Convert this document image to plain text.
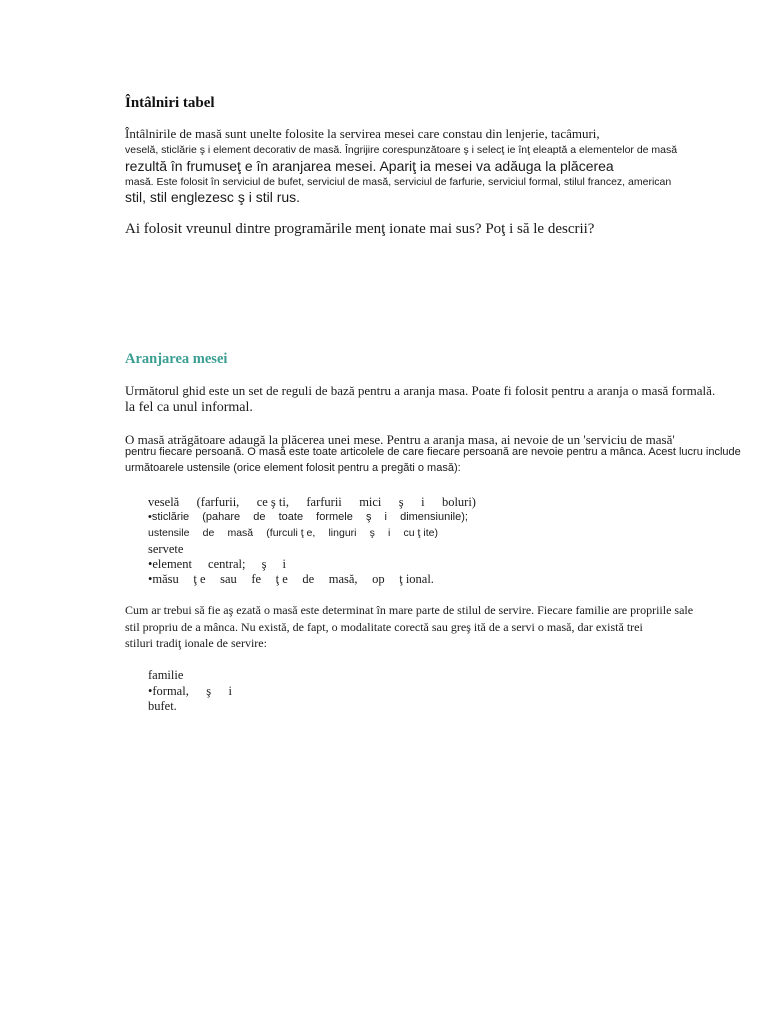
Întâlniri tabel
Întâlnirile de masă sunt unelte folosite la servirea mesei care constau din lenjerie, tacâmuri,
veselă, sticlărie ş i element decorativ de masă. Îngrijire corespunzătoare ş i selecţ ie înţ eleaptă a elementelor de masă
rezultă în frumuseţ e în aranjarea mesei. Apariţ ia mesei va adăuga la plăcerea
masă. Este folosit în serviciul de bufet, serviciul de masă, serviciul de farfurie, serviciul formal, stilul francez, american
stil, stil englezesc ş i stil rus.
Ai folosit vreunul dintre programările menţ ionate mai sus? Poţ i să le descrii?
Aranjarea mesei
Următorul ghid este un set de reguli de bază pentru a aranja masa. Poate fi folosit pentru a aranja o masă formală.
la fel ca unul informal.
O masă atrăgătoare adaugă la plăcerea unei mese. Pentru a aranja masa, ai nevoie de un 'serviciu de masă'
pentru fiecare persoană. O masă este toate articolele de care fiecare persoană are nevoie pentru a mânca. Acest lucru include
următoarele ustensile (orice element folosit pentru a pregăti o masă):
veselă (farfurii, ce ş ti, farfurii mici ş i boluri)
•sticlărie (pahare de toate formele ş i dimensiunile);
ustensile de masă (furculi ţ e, linguri ş i cu ţ ite)
servete
•element central; ş i
•măsu ţ e sau fe ţ e de masă, op ţ ional.
Cum ar trebui să fie aş ezată o masă este determinat în mare parte de stilul de servire. Fiecare familie are propriile sale
stil propriu de a mânca. Nu există, de fapt, o modalitate corectă sau greş ită de a servi o masă, dar există trei
stiluri tradiţ ionale de servire:
familie
•formal, ş i
bufet.
